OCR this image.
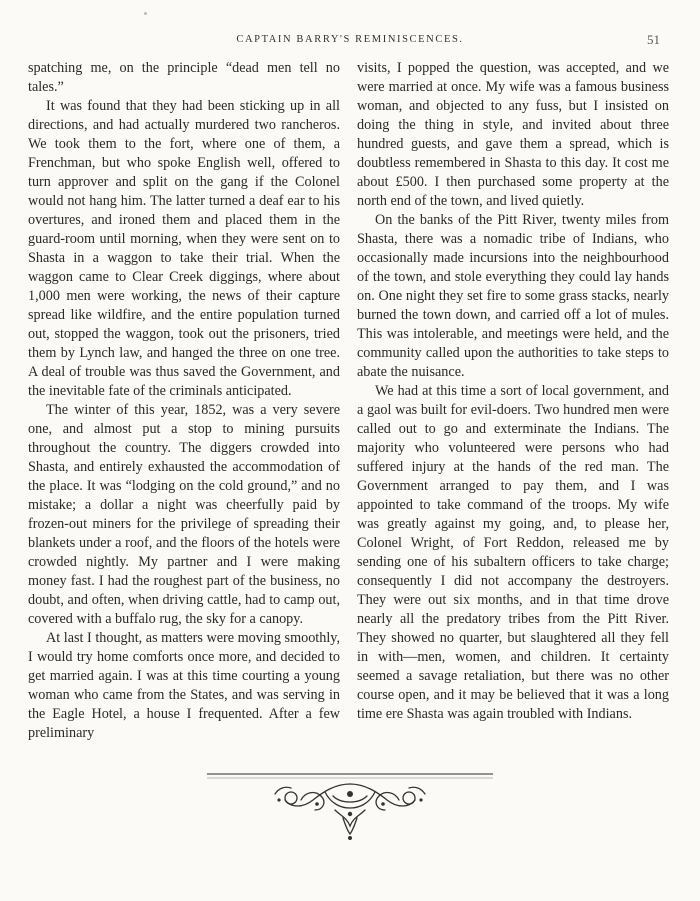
CAPTAIN BARRY'S REMINISCENCES.	51

spatching me, on the principle “dead men tell no tales.”

It was found that they had been sticking up in all directions, and had actually murdered two rancheros. We took them to the fort, where one of them, a Frenchman, but who spoke English well, offered to turn approver and split on the gang if the Colonel would not hang him. The latter turned a deaf ear to his overtures, and ironed them and placed them in the guard-room until morning, when they were sent on to Shasta in a waggon to take their trial. When the waggon came to Clear Creek diggings, where about 1,000 men were working, the news of their capture spread like wildfire, and the entire population turned out, stopped the waggon, took out the prisoners, tried them by Lynch law, and hanged the three on one tree. A deal of trouble was thus saved the Government, and the inevitable fate of the criminals anticipated.

The winter of this year, 1852, was a very severe one, and almost put a stop to mining pursuits throughout the country. The diggers crowded into Shasta, and entirely exhausted the accommodation of the place. It was “lodging on the cold ground,” and no mistake; a dollar a night was cheerfully paid by frozen-out miners for the privilege of spreading their blankets under a roof, and the floors of the hotels were crowded nightly. My partner and I were making money fast. I had the roughest part of the business, no doubt, and often, when driving cattle, had to camp out, covered with a buffalo rug, the sky for a canopy.

At last I thought, as matters were moving smoothly, I would try home comforts once more, and decided to get married again. I was at this time courting a young woman who came from the States, and was serving in the Eagle Hotel, a house I frequented. After a few preliminary

visits, I popped the question, was accepted, and we were married at once. My wife was a famous business woman, and objected to any fuss, but I insisted on doing the thing in style, and invited about three hundred guests, and gave them a spread, which is doubtless remembered in Shasta to this day. It cost me about £500. I then purchased some property at the north end of the town, and lived quietly.

On the banks of the Pitt River, twenty miles from Shasta, there was a nomadic tribe of Indians, who occasionally made incursions into the neighbourhood of the town, and stole everything they could lay hands on. One night they set fire to some grass stacks, nearly burned the town down, and carried off a lot of mules. This was intolerable, and meetings were held, and the community called upon the authorities to take steps to abate the nuisance.

We had at this time a sort of local government, and a gaol was built for evil-doers. Two hundred men were called out to go and exterminate the Indians. The majority who volunteered were persons who had suffered injury at the hands of the red man. The Government arranged to pay them, and I was appointed to take command of the troops. My wife was greatly against my going, and, to please her, Colonel Wright, of Fort Reddon, released me by sending one of his subaltern officers to take charge; consequently I did not accompany the destroyers. They were out six months, and in that time drove nearly all the predatory tribes from the Pitt River. They showed no quarter, but slaughtered all they fell in with—men, women, and children. It certainty seemed a savage retaliation, but there was no other course open, and it may be believed that it was a long time ere Shasta was again troubled with Indians.
